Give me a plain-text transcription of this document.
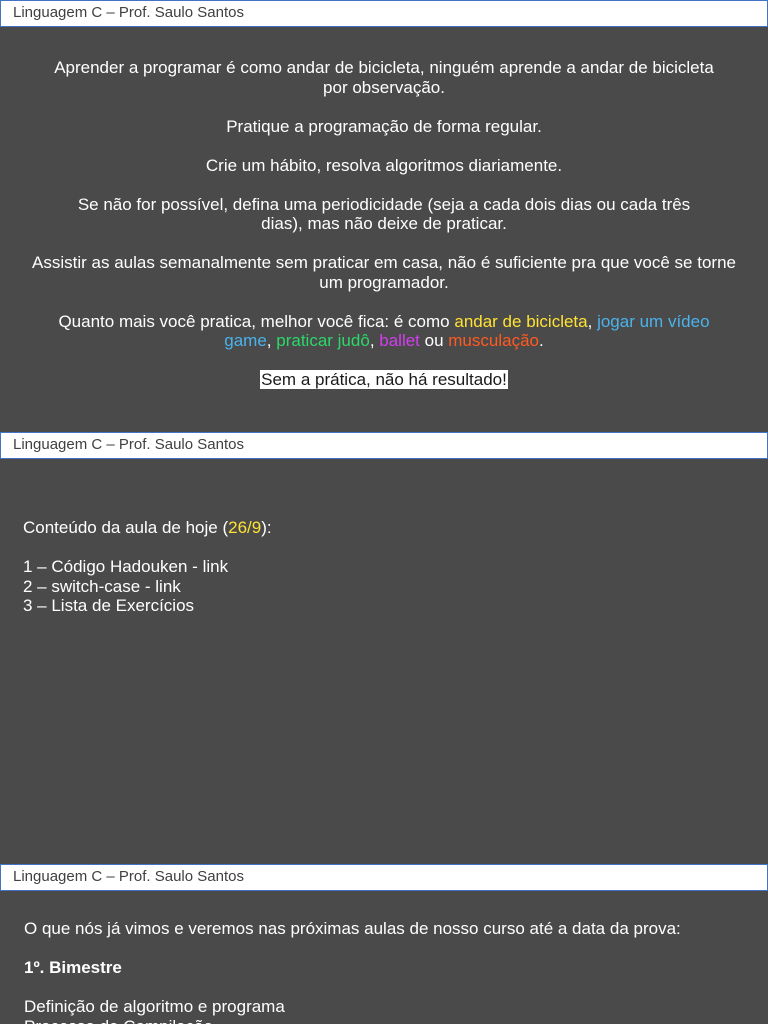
Linguagem C – Prof. Saulo Santos

Aprender a programar é como andar de bicicleta, ninguém aprende a andar de bicicleta
por observação.

Pratique a programação de forma regular.

Crie um hábito, resolva algoritmos diariamente.

Se não for possível, defina uma periodicidade (seja a cada dois dias ou cada três
dias), mas não deixe de praticar.

Assistir as aulas semanalmente sem praticar em casa, não é suficiente pra que você se torne
um programador.

Quanto mais você pratica, melhor você fica: é como andar de bicicleta, jogar um vídeo
game, praticar judô, ballet ou musculação.

Sem a prática, não há resultado!

Linguagem C – Prof. Saulo Santos

Conteúdo da aula de hoje (26/9):

1 – Código Hadouken - link

2 – switch-case - link

3 – Lista de Exercícios

Linguagem C – Prof. Saulo Santos

O que nós já vimos e veremos nas próximas aulas de nosso curso até a data da prova:

1º. Bimestre

Definição de algoritmo e programa

Processo de Compilação
